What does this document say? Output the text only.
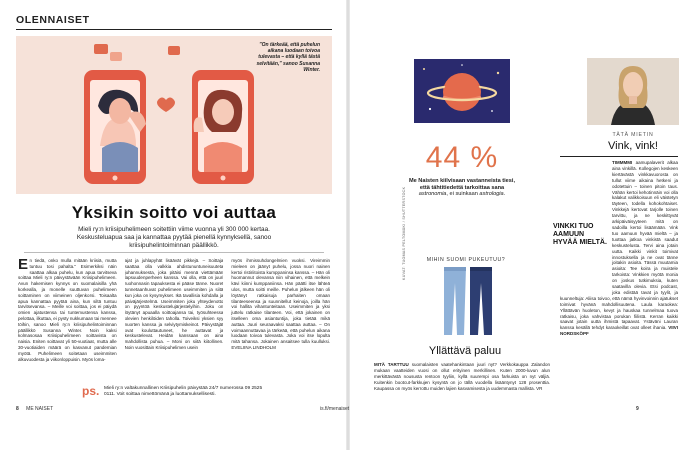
OLENNAISET
"On tärkeää, että puhelun aikana luodaan toivoa tulevasta – että kyllä tästä selvitään," sanoo Susanna Winter.
Yksikin soitto voi auttaa

Mieli ry:n kriisipuhelimeen soitettiin viime vuonna yli 300 000 kertaa. Keskusteluapua saa ja kannattaa pyytää pienellä kynnyksellä, sanoo kriisipuhelintoiminnan päällikkö.

En tiedä, onko mulla mitään kriisiä, mutta tuntuu tosi pahalta." Esimerkiksi näin saattaa alkaa puhelu, kun apua tarvitseva soittaa Mieli ry:n päivystävään Kriisipuhelimeen. Avun hakemisen kynnys on suomalaisilla yhä korkealla, ja monelle suuttuvan puhelimeen soittaminen on viimeinen oljenkorsi. Toisaalta apua kannattaa pyytää aina, kun siltä tuntuu tarvitsevansa. – Meille voi soittaa, jos ei päiydä omien ajatustensa tai tuntemustensa kanssa, pelottaa, ilkuttaa, ei pysty nukkumaan tai mennee töihin, sanoo Mieli ry:n kriisipuhelintoiminnan päällikkö Susanna Winter. Noin kaksi kolmasosaa Kriisipuhelimeen soittavista on naisia. Eniten soittavat yli 50-vuotiaat, mutta alle 30-vuotiaiden määrä on kasvanut pandemian myötä. Puhelimeen soitetaan useimmiten alkuvuodesta ja viikonloppuisin. Myös loma-
ajat ja juhlapyhät lisäävät pikkejä. – Soittaja saattaa olla valkkia ahdistununtuneisuuteta juhannuksesta, joka pitäisi mennä viettämään lapsuudenperheen kanssa. Vai olla, että on juuri ruohonnasin tapauksesta ei pääse tänne. Nuoret tunnetaanhuvat puhelimeen useimmiten ja siitä kun joka on kysymykset. Ikä tavallisia kohdalla ja päiväjärjestelmä. Useimmiten joku yhteydenotto on pyyntöä keskustelujärjestelyihin. Joku on löytänyt apuaalla soittoajansa tai, työsuhteessa olevien henkilöiden taholla. Toiveiksi yksien syy nuorten kanssa ja selviytymiskeinot. Päivystäjät ovat kouluttautuneet, he auttavat ja keskustelevat. Heidän kanssaan on aina mahdollista puhua. – Moni on siitä kiitollinen. Noin vuosittain Kriisipuhelimen usein
myös ihmissuhdongelmien vuoksi. Vireimmin mieleen on jäänyt puhelu, jossa nuori nainen kertoi ristiriitoista kumppaninsa kanssa. – Hän oli huomannut olevansa niin vihainen, että melkein kävi kiinni kumppaniinsa. Hän päätti itse lähteä ulos, mutta soitti meille. Puhelun jälkeen hän oli löytänyt ratkaisuja parhaiten omaan tilanteeseensa ja suunnitellut keinoja, joilla hän voi hallita vihantunteitaan. Useimmiten ja yksi juttelu ratkaise tilanteen. Voi, että jokainen on itselleen oma asiantuntija, joka tietää mikä auttaa. Juuri seuraavaksi saattaa auttaa. – On voimaannuttavaa ja tärkeää, että puhelun aikana luodaan toivoa tulevasta. Joka voi itse lopulta mitä tahansa. Jokainen ansaitsee tulla kuulluksi. EVELIINA LINDHOLM
ps. Mieli ry:n valtakunnallinen Kriisipuhelin päivystää 24/7 numerossa 09 2525 0111. Voit soittaa nimettömänä ja luottamuksellisesti.
8 ME NAISET	is.fi/menaiset
44 %

Me Naisten kiilvisaan vastanneista tiesi, että tähtitiedettä tarkoittaa sana astronomia, ei suinkaan astrologia.

TÄTÄ MIETIN
Vink, vink!
TIMMMMI aamupalaverit alkaa aina vinkillä. Kollegojen keskeen kiertävästä vinkkavuorosta on tullut viime aikaina hetkeni ja odotettuin – toinen pitoin taus. Vähän kertoi kehotinnäin voi olla kalakut valikkoisuun eli väistetyn täyteen, todella kohokohtaiset. Vinkkejä kertovat tarjolle toinen tarvittu, ja ne keskittyvät arkipäiväisyyteen mitä on sadoilla kertoi lisäämään. Vink tuo aamuun hyvää mieltä – ja tuottaa jatkoa vinkistä saadut keskustelusta. Tervi aina jotain uutta. Kaikki vinkit toimivat innostuksella ja ne ovat tänne joitakin asioita. Tässä muutamia asioita: Tee koira ja muistele tarkoista: Vinkkien myötä monia on joskus tutkimuksia, kuten saatavilla olevia. Etsi podcast, joka edistää tavat ja tyylit, ja kuunneltuja: Aliisa toivoo, että nämä hyvinvoinnin ajatukset toimivat hyvänä mahdollisuutena. Laula karaokea: Yllättävän huoleton, kevyt ja hauskaa tunnelmaa tuova ratkaisu, joka vahvistaa porukan fiilistä. Kerran kaikki saavat jotain uutta ihmistä tapaavat. Ystäväni Lauran kanssa kesällä tehdyt karaokeillat ovat olleet ihania. VIIVI NORDSKÖPF
VINKKI TUO AAMUUN HYVÄÄ MIELTÄ.
MIHIN SUOMI PUKEUTUU?
KUVAT: TUOMAS PELTOMÄKI / SHUTTERSTOCK
Yllättävä paluu

MITÄ TARTTUU suomalaisten vaatehankintaan juuri nyt? Verkkokauppa Zalandon mukaan vaatteiden vuosi on ollut erityinen merkillinen. Kuten 2000-luvun alun merkittävästä noususta rentoon tyyliin, kyllä suurempi osa farkuista on nyt väljiä. Kuitenkin bootcut-farkkujen kysyntä on jo tällä vuodella lisääntynyt 128 prosenttia. Kaupassa on myös kerrottu muiden lajien kasvamisesta ja uudemmasta mallista. VR

9
